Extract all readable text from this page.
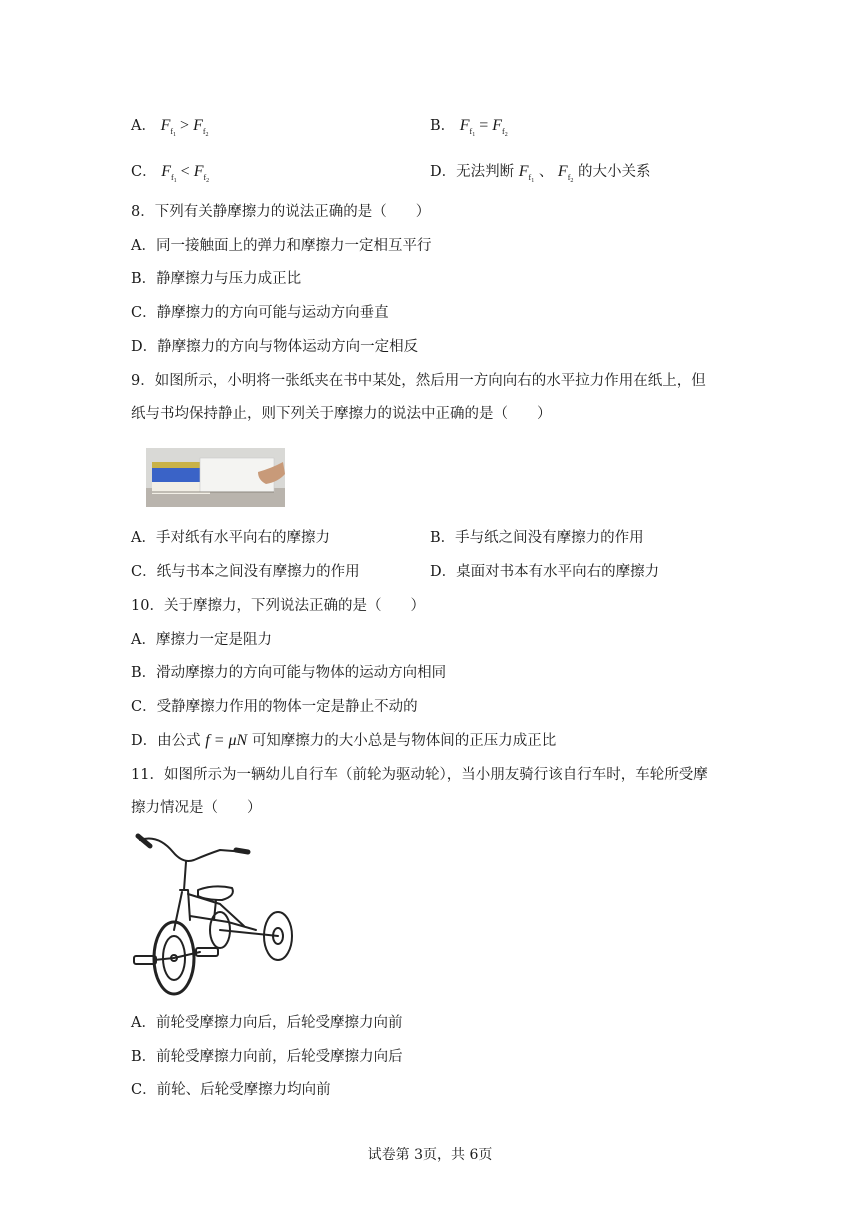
A． $F_{f_1} > F_{f_2}$
B． $F_{f_1} = F_{f_2}$
C． $F_{f_1} < F_{f_2}$
D．无法判断 $F_{f_1}$ 、 $F_{f_2}$ 的大小关系
8．下列有关静摩擦力的说法正确的是（　　）
A．同一接触面上的弹力和摩擦力一定相互平行
B．静摩擦力与压力成正比
C．静摩擦力的方向可能与运动方向垂直
D．静摩擦力的方向与物体运动方向一定相反
9．如图所示，小明将一张纸夹在书中某处，然后用一方向向右的水平拉力作用在纸上，但
纸与书均保持静止，则下列关于摩擦力的说法中正确的是（　　）
A．手对纸有水平向右的摩擦力	B．手与纸之间没有摩擦力的作用
C．纸与书本之间没有摩擦力的作用	D．桌面对书本有水平向右的摩擦力
10．关于摩擦力，下列说法正确的是（　　）
A．摩擦力一定是阻力
B．滑动摩擦力的方向可能与物体的运动方向相同
C．受静摩擦力作用的物体一定是静止不动的
D．由公式 f = μN 可知摩擦力的大小总是与物体间的正压力成正比
11．如图所示为一辆幼儿自行车（前轮为驱动轮），当小朋友骑行该自行车时，车轮所受摩
擦力情况是（　　）
A．前轮受摩擦力向后，后轮受摩擦力向前
B．前轮受摩擦力向前，后轮受摩擦力向后
C．前轮、后轮受摩擦力均向前
试卷第 3页，共 6页
